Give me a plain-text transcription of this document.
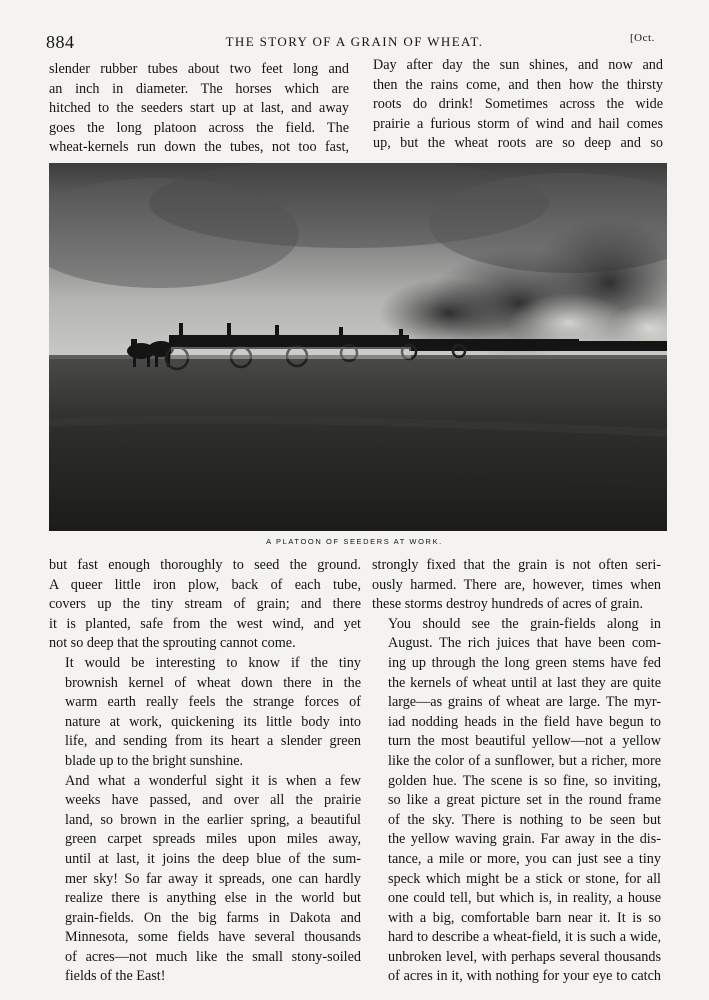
884	THE STORY OF A GRAIN OF WHEAT.	[Oct.
slender rubber tubes about two feet long and
an inch in diameter. The horses which are
hitched to the seeders start up at last, and away
goes the long platoon across the field. The
wheat-kernels run down the tubes, not too fast,
Day after day the sun shines, and now and
then the rains come, and then how the thirsty
roots do drink! Sometimes across the wide
prairie a furious storm of wind and hail comes
up, but the wheat roots are so deep and so
A PLATOON OF SEEDERS AT WORK.

but fast enough thoroughly to seed the ground.
A queer little iron plow, back of each tube,
covers up the tiny stream of grain; and there
it is planted, safe from the west wind, and yet
not so deep that the sprouting cannot come.

It would be interesting to know if the tiny
brownish kernel of wheat down there in the
warm earth really feels the strange forces of
nature at work, quickening its little body into
life, and sending from its heart a slender green
blade up to the bright sunshine.

And what a wonderful sight it is when a few
weeks have passed, and over all the prairie
land, so brown in the earlier spring, a beautiful
green carpet spreads miles upon miles away,
until at last, it joins the deep blue of the sum-
mer sky! So far away it spreads, one can hardly
realize there is anything else in the world but
grain-fields. On the big farms in Dakota and
Minnesota, some fields have several thousands
of acres—not much like the small stony-soiled
fields of the East!

strongly fixed that the grain is not often seri-
ously harmed. There are, however, times when
these storms destroy hundreds of acres of grain.

You should see the grain-fields along in
August. The rich juices that have been com-
ing up through the long green stems have fed
the kernels of wheat until at last they are quite
large—as grains of wheat are large. The myr-
iad nodding heads in the field have begun to
turn the most beautiful yellow—not a yellow
like the color of a sunflower, but a richer, more
golden hue. The scene is so fine, so inviting,
so like a great picture set in the round frame
of the sky. There is nothing to be seen but
the yellow waving grain. Far away in the dis-
tance, a mile or more, you can just see a tiny
speck which might be a stick or stone, for all
one could tell, but which is, in reality, a house
with a big, comfortable barn near it. It is so
hard to describe a wheat-field, it is such a wide,
unbroken level, with perhaps several thousands
of acres in it, with nothing for your eye to catch
